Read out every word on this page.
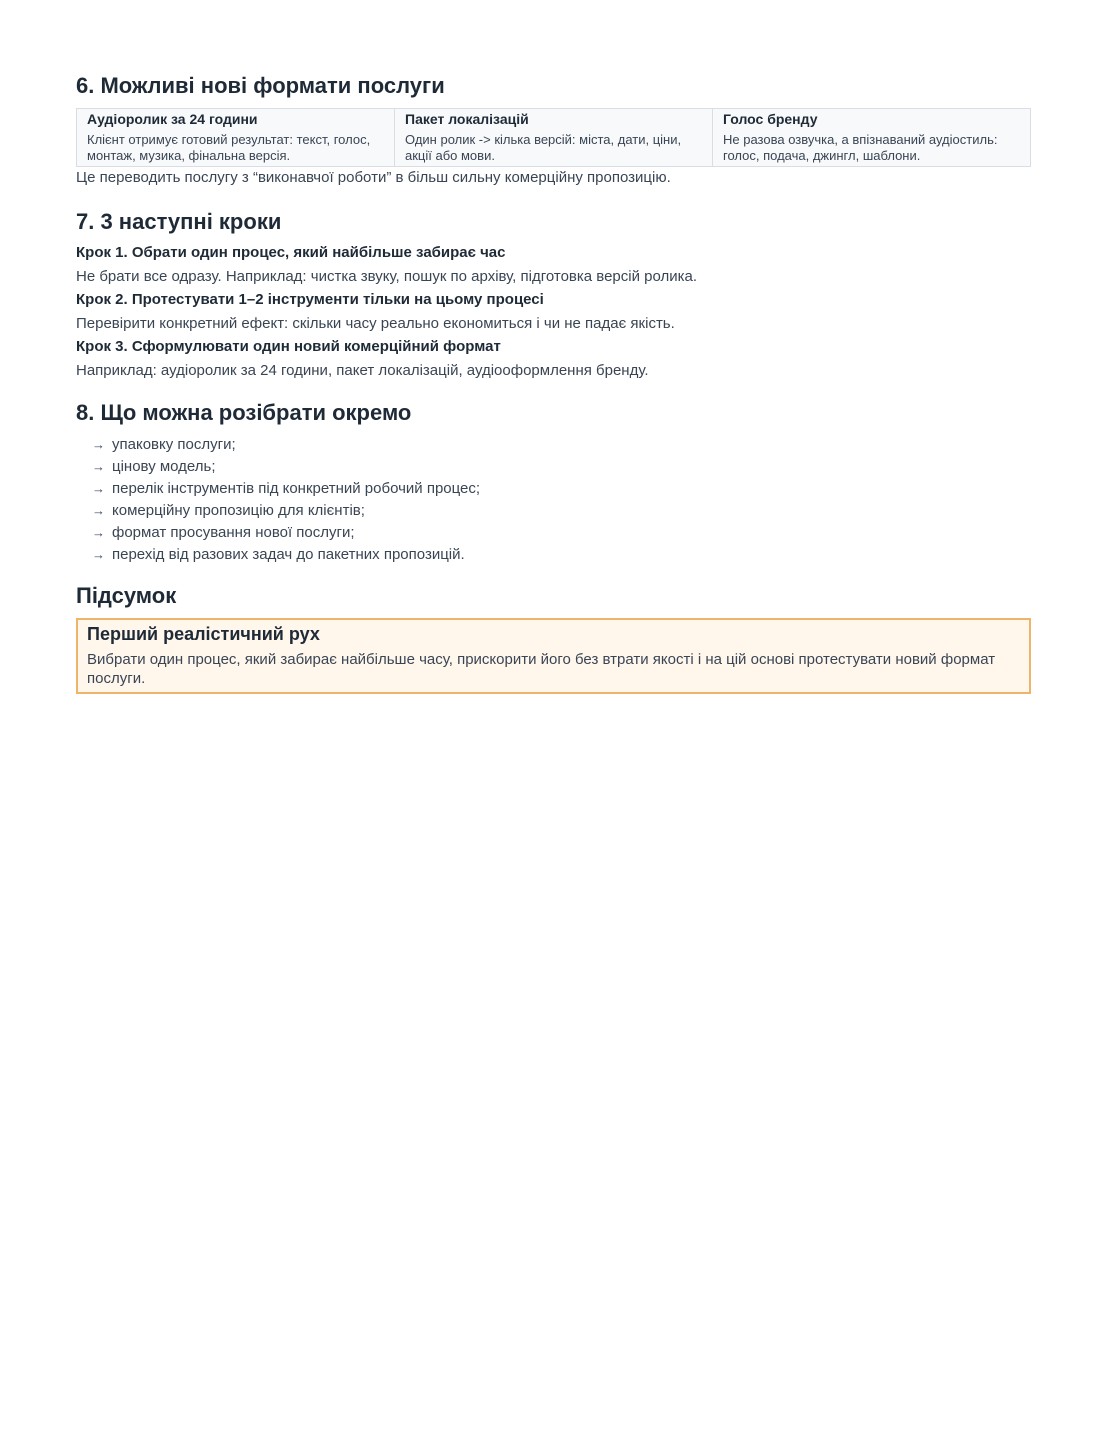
6. Можливі нові формати послуги
Аудіоролик за 24 години
Клієнт отримує готовий результат: текст, голос, монтаж, музика, фінальна версія.
Пакет локалізацій
Один ролик -> кілька версій: міста, дати, ціни, акції або мови.
Голос бренду
Не разова озвучка, а впізнаваний аудіостиль: голос, подача, джингл, шаблони.
Це переводить послугу з “виконавчої роботи” в більш сильну комерційну пропозицію.
7. 3 наступні кроки
Крок 1. Обрати один процес, який найбільше забирає час
Не брати все одразу. Наприклад: чистка звуку, пошук по архіву, підготовка версій ролика.
Крок 2. Протестувати 1–2 інструменти тільки на цьому процесі
Перевірити конкретний ефект: скільки часу реально економиться і чи не падає якість.
Крок 3. Сформулювати один новий комерційний формат
Наприклад: аудіоролик за 24 години, пакет локалізацій, аудіооформлення бренду.
8. Що можна розібрати окремо
→ упаковку послуги;
→ цінову модель;
→ перелік інструментів під конкретний робочий процес;
→ комерційну пропозицію для клієнтів;
→ формат просування нової послуги;
→ перехід від разових задач до пакетних пропозицій.
Підсумок
Перший реалістичний рух
Вибрати один процес, який забирає найбільше часу, прискорити його без втрати якості і на цій основі протестувати новий формат послуги.
